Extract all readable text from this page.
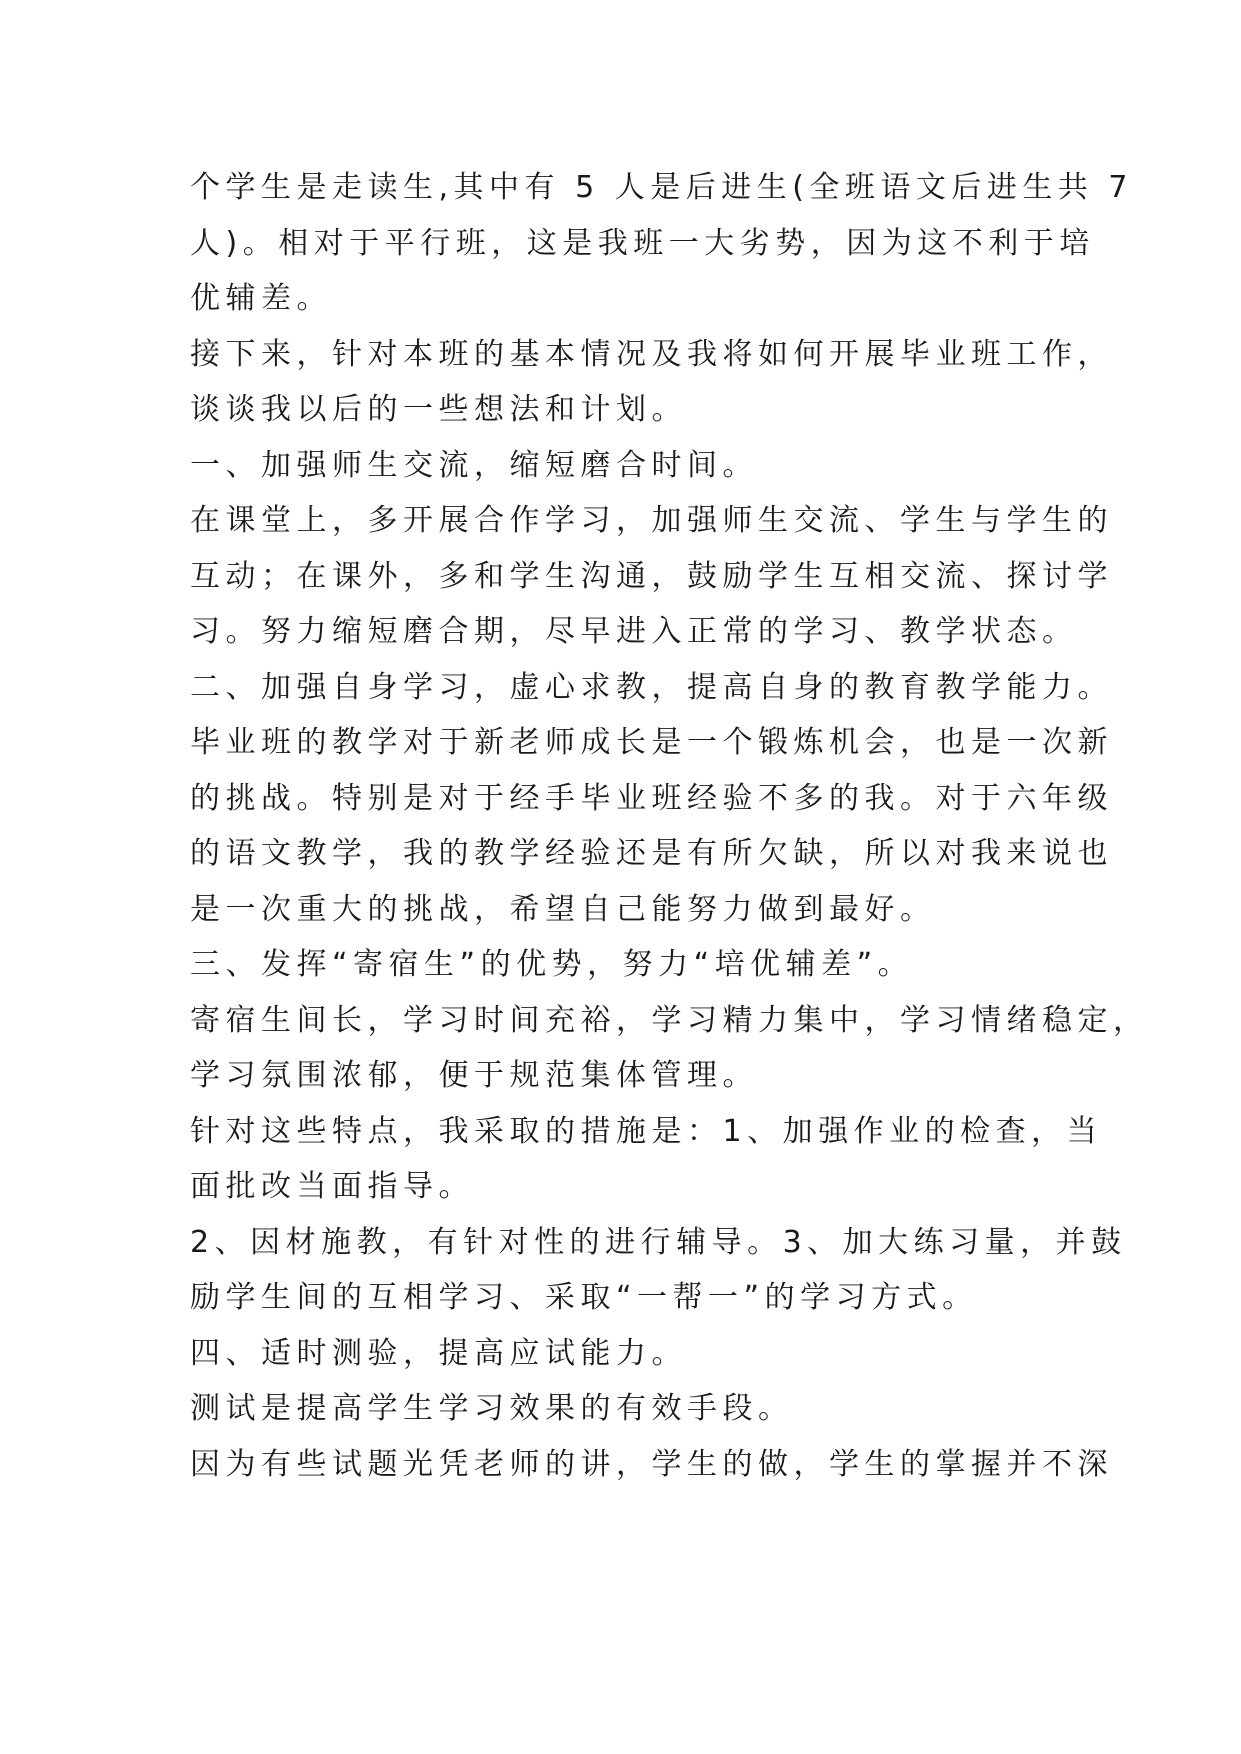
个学生是走读生,其中有 5 人是后进生(全班语文后进生共 7
人)。相对于平行班，这是我班一大劣势，因为这不利于培
优辅差。
接下来，针对本班的基本情况及我将如何开展毕业班工作，
谈谈我以后的一些想法和计划。
一、加强师生交流，缩短磨合时间。
在课堂上，多开展合作学习，加强师生交流、学生与学生的
互动；在课外，多和学生沟通，鼓励学生互相交流、探讨学
习。努力缩短磨合期，尽早进入正常的学习、教学状态。
二、加强自身学习，虚心求教，提高自身的教育教学能力。
毕业班的教学对于新老师成长是一个锻炼机会，也是一次新
的挑战。特别是对于经手毕业班经验不多的我。对于六年级
的语文教学，我的教学经验还是有所欠缺，所以对我来说也
是一次重大的挑战，希望自己能努力做到最好。
三、发挥“寄宿生”的优势，努力“培优辅差”。
寄宿生间长，学习时间充裕，学习精力集中，学习情绪稳定，
学习氛围浓郁，便于规范集体管理。
针对这些特点，我采取的措施是：1、加强作业的检查，当
面批改当面指导。
2、因材施教，有针对性的进行辅导。3、加大练习量，并鼓
励学生间的互相学习、采取“一帮一”的学习方式。
四、适时测验，提高应试能力。
测试是提高学生学习效果的有效手段。
因为有些试题光凭老师的讲，学生的做，学生的掌握并不深
